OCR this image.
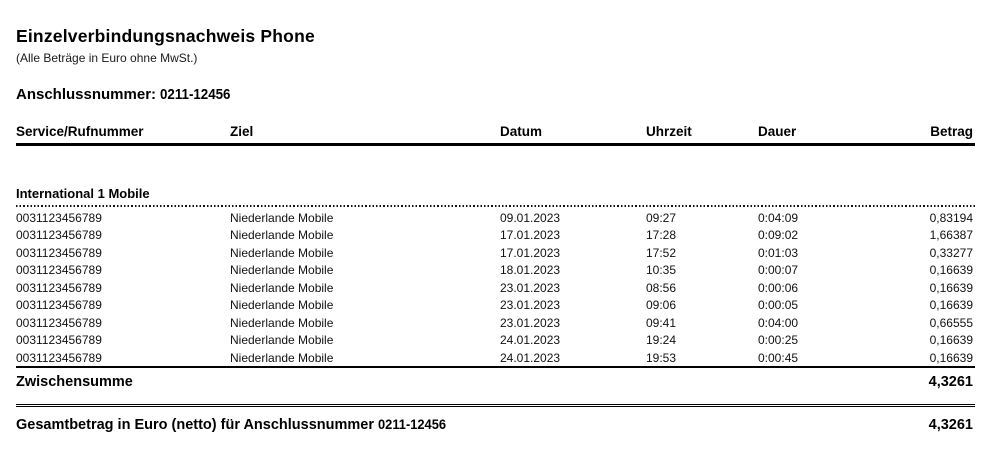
Einzelverbindungsnachweis Phone
(Alle Beträge in Euro ohne MwSt.)
Anschlussnummer: 0211-12456
Service/Rufnummer	Ziel	Datum	Uhrzeit	Dauer	Betrag
International 1 Mobile
0031123456789	Niederlande Mobile	09.01.2023	09:27	0:04:09	0,83194
0031123456789	Niederlande Mobile	17.01.2023	17:28	0:09:02	1,66387
0031123456789	Niederlande Mobile	17.01.2023	17:52	0:01:03	0,33277
0031123456789	Niederlande Mobile	18.01.2023	10:35	0:00:07	0,16639
0031123456789	Niederlande Mobile	23.01.2023	08:56	0:00:06	0,16639
0031123456789	Niederlande Mobile	23.01.2023	09:06	0:00:05	0,16639
0031123456789	Niederlande Mobile	23.01.2023	09:41	0:04:00	0,66555
0031123456789	Niederlande Mobile	24.01.2023	19:24	0:00:25	0,16639
0031123456789	Niederlande Mobile	24.01.2023	19:53	0:00:45	0,16639
Zwischensumme	4,3261
Gesamtbetrag in Euro (netto) für Anschlussnummer 0211-12456	4,3261
